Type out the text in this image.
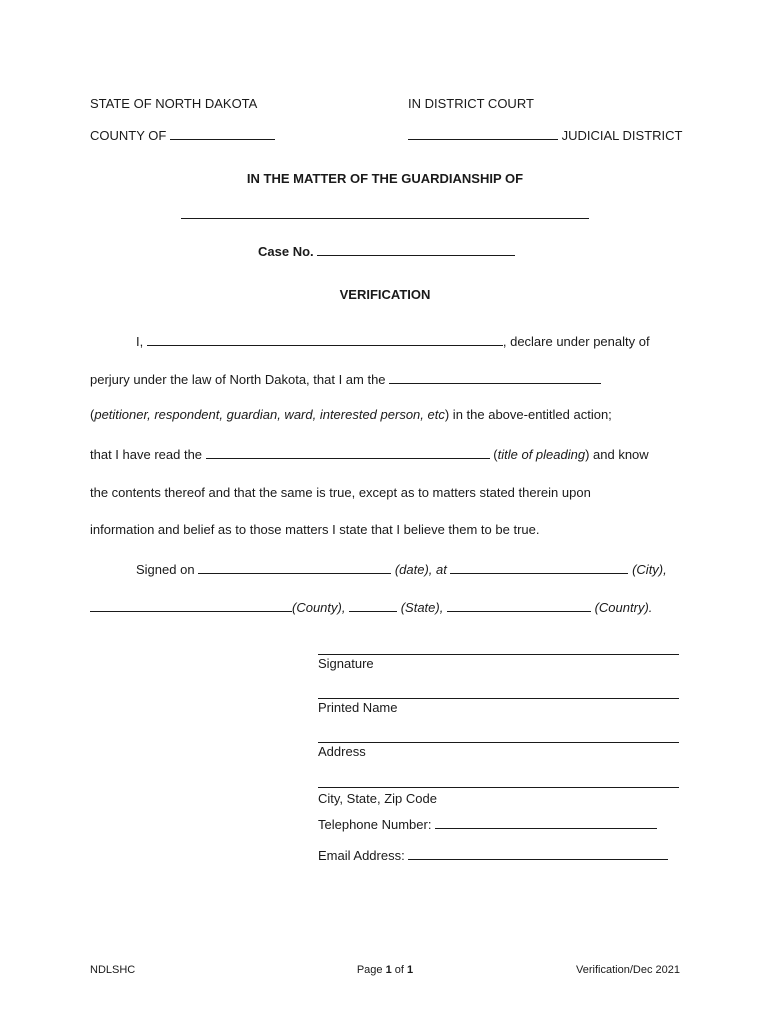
STATE OF NORTH DAKOTA	IN DISTRICT COURT
COUNTY OF	JUDICIAL DISTRICT
IN THE MATTER OF THE GUARDIANSHIP OF
Case No.
VERIFICATION
I,	, declare under penalty of
perjury under the law of North Dakota, that I am the
(petitioner, respondent, guardian, ward, interested person, etc) in the above-entitled action;
that I have read the	(title of pleading) and know
the contents thereof and that the same is true, except as to matters stated therein upon
information and belief as to those matters I state that I believe them to be true.
Signed on	(date), at	(City),
(County),	(State),	(Country).
Signature
Printed Name
Address
City, State, Zip Code
Telephone Number:
Email Address:
NDLSHC	Page 1 of 1	Verification/Dec 2021
